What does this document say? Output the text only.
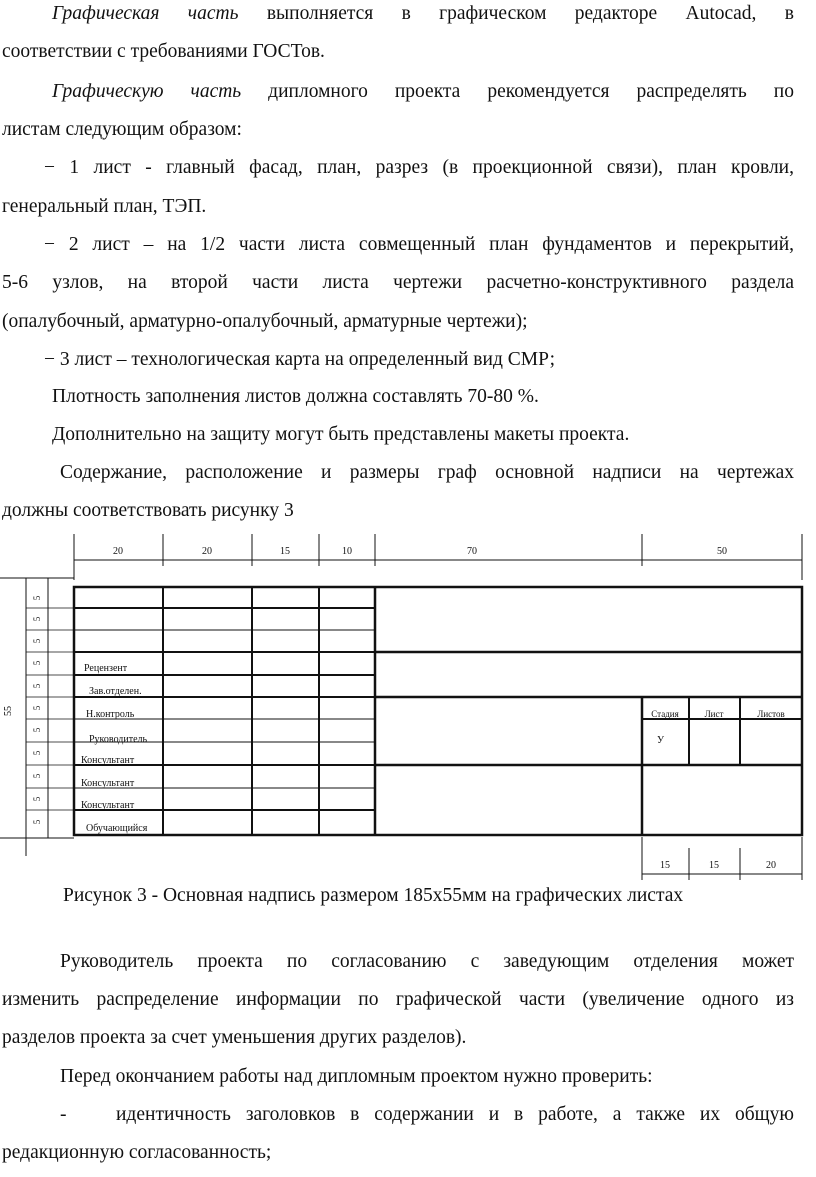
Графическая часть выполняется в графическом редакторе Autocad, в
соответствии с требованиями ГОСТов.
Графическую часть дипломного проекта рекомендуется распределять по
листам следующим образом:
− 1 лист - главный фасад, план, разрез (в проекционной связи), план кровли,
генеральный план, ТЭП.
− 2 лист – на 1/2 части листа совмещенный план фундаментов и перекрытий,
5-6 узлов, на второй части листа чертежи расчетно-конструктивного раздела
(опалубочный, арматурно-опалубочный, арматурные чертежи);
− 3 лист – технологическая карта на определенный вид СМР;
Плотность заполнения листов должна составлять 70-80 %.
Дополнительно на защиту могут быть представлены макеты проекта.
Содержание, расположение и размеры граф основной надписи на чертежах
должны соответствовать рисунку 3
20	20	15	10	70	50
55
5
5
5
5
5
5
5
5
5
5
5
Рецензент
Зав.отделен.
Н.контроль
Руководитель
Консультант
Консультант
Консультант
Обучающийся
Стадия	Лист	Листов
У
15	15	20
Рисунок 3 - Основная надпись размером 185х55мм на графических листах
Руководитель проекта по согласованию с заведующим отделения может
изменить распределение информации по графической части (увеличение одного из
разделов проекта за счет уменьшения других разделов).
Перед окончанием работы над дипломным проектом нужно проверить:
-	идентичность заголовков в содержании и в работе, а также их общую
редакционную согласованность;
